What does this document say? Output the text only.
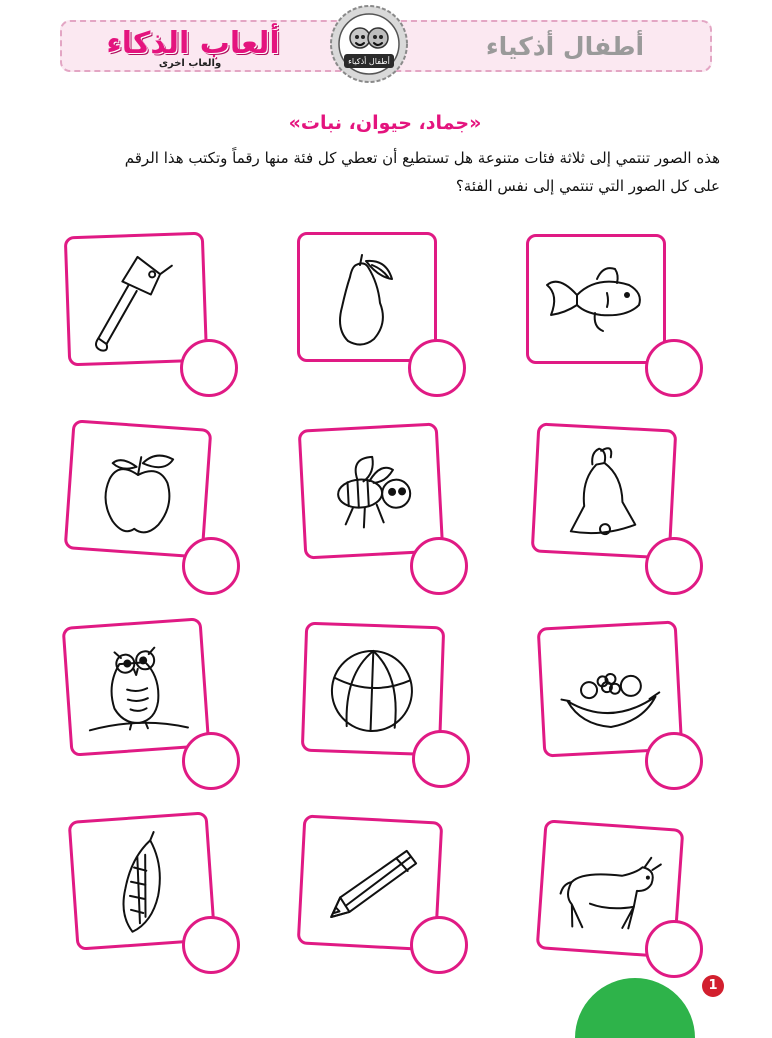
ألعاب الذكاء
والعاب اخرى
أطفال أذكياء
أطفال أذكياء
«جماد، حيوان، نبات»
هذه الصور تنتمي إلى ثلاثة فئات متنوعة هل تستطيع أن تعطي كل فئة منها رقماً وتكتب هذا الرقم
على كل الصور التي تنتمي إلى نفس الفئة؟
1
